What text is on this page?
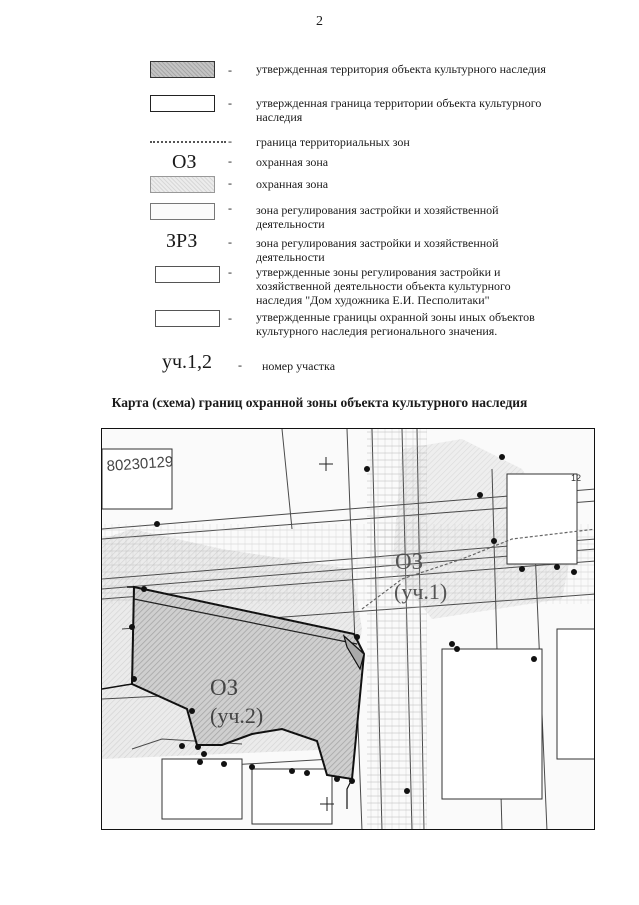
2
- утвержденная территория объекта культурного наследия
- утвержденная граница территории объекта культурного наследия
- граница территориальных зон
ОЗ	- охранная зона
- охранная зона
- зона регулирования застройки и хозяйственной деятельности
ЗРЗ	- зона регулирования застройки и хозяйственной деятельности
- утвержденные зоны регулирования застройки и хозяйственной деятельности объекта культурного наследия "Дом художника Е.И. Песполитаки"
- утвержденные границы охранной зоны иных объектов культурного наследия регионального значения.
уч.1,2 - номер участка
Карта (схема) границ охранной зоны объекта культурного наследия
80230129
12
ОЗ
(уч.1)
ОЗ
(уч.2)
